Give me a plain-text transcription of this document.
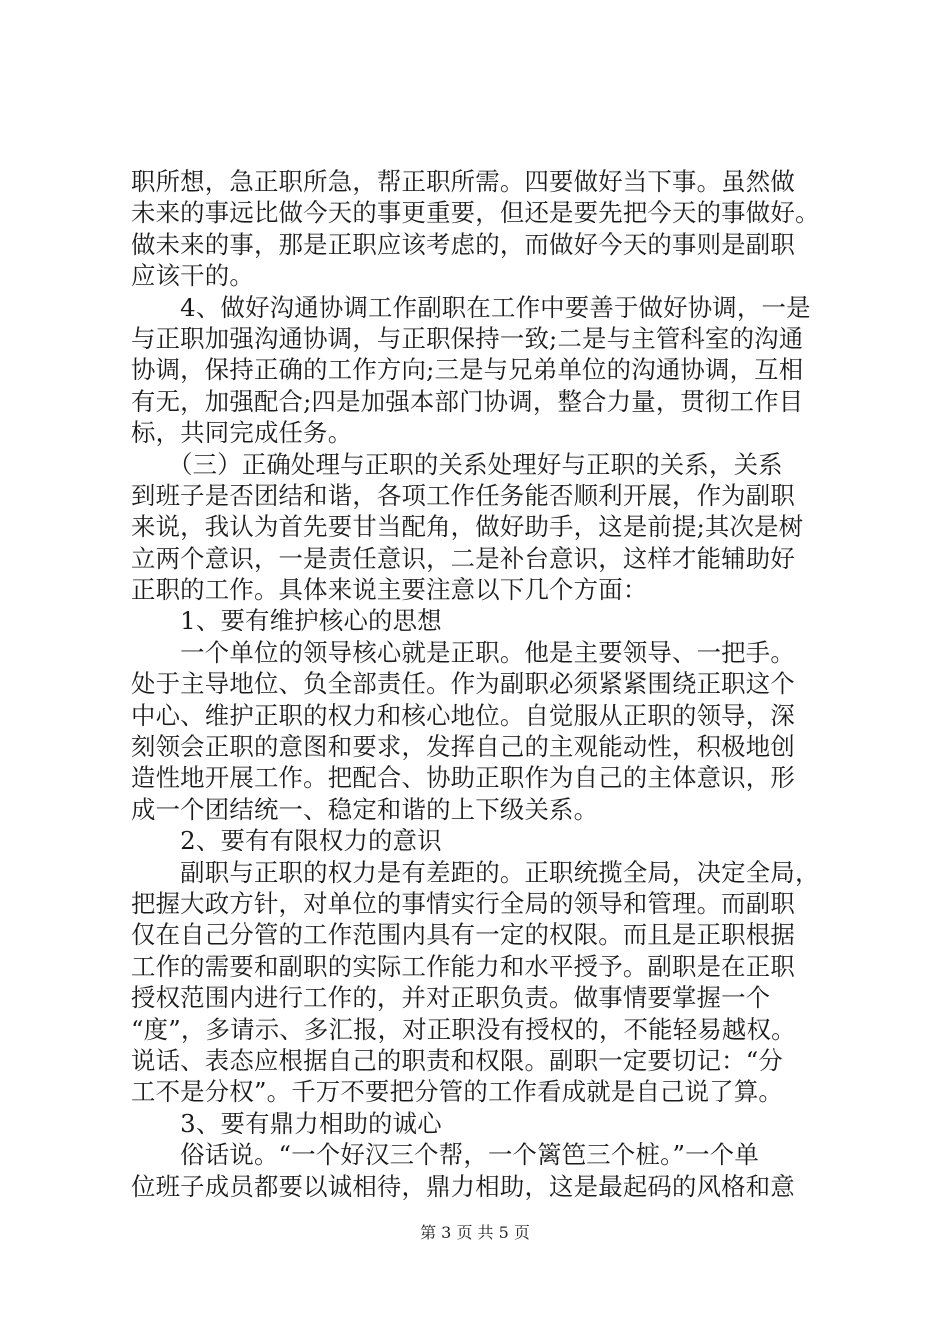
职所想，急正职所急，帮正职所需。四要做好当下事。虽然做
未来的事远比做今天的事更重要，但还是要先把今天的事做好。
做未来的事，那是正职应该考虑的，而做好今天的事则是副职
应该干的。
　　4、做好沟通协调工作副职在工作中要善于做好协调，一是
与正职加强沟通协调，与正职保持一致;二是与主管科室的沟通
协调，保持正确的工作方向;三是与兄弟单位的沟通协调，互相
有无，加强配合;四是加强本部门协调，整合力量，贯彻工作目
标，共同完成任务。
　　（三）正确处理与正职的关系处理好与正职的关系，关系
到班子是否团结和谐，各项工作任务能否顺利开展，作为副职
来说，我认为首先要甘当配角，做好助手，这是前提;其次是树
立两个意识，一是责任意识，二是补台意识，这样才能辅助好
正职的工作。具体来说主要注意以下几个方面：
　　1、要有维护核心的思想
　　一个单位的领导核心就是正职。他是主要领导、一把手。
处于主导地位、负全部责任。作为副职必须紧紧围绕正职这个
中心、维护正职的权力和核心地位。自觉服从正职的领导，深
刻领会正职的意图和要求，发挥自己的主观能动性，积极地创
造性地开展工作。把配合、协助正职作为自己的主体意识，形
成一个团结统一、稳定和谐的上下级关系。
　　2、要有有限权力的意识
　　副职与正职的权力是有差距的。正职统揽全局，决定全局，
把握大政方针，对单位的事情实行全局的领导和管理。而副职
仅在自己分管的工作范围内具有一定的权限。而且是正职根据
工作的需要和副职的实际工作能力和水平授予。副职是在正职
授权范围内进行工作的，并对正职负责。做事情要掌握一个
“度”，多请示、多汇报，对正职没有授权的，不能轻易越权。
说话、表态应根据自己的职责和权限。副职一定要切记：“分
工不是分权”。千万不要把分管的工作看成就是自己说了算。
　　3、要有鼎力相助的诚心
　　俗话说。“一个好汉三个帮，一个篱笆三个桩。”一个单
位班子成员都要以诚相待，鼎力相助，这是最起码的风格和意
第 3 页 共 5 页
